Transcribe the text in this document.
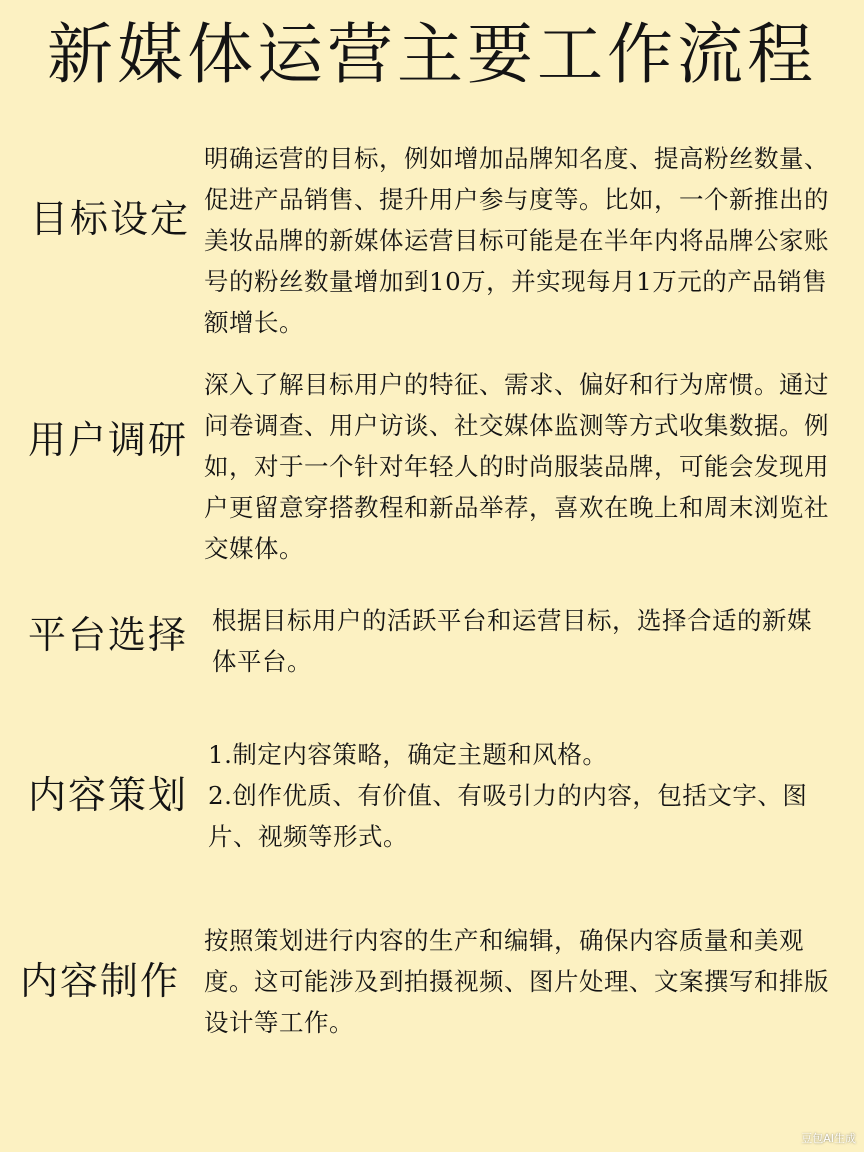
新媒体运营主要工作流程
目标设定

明确运营的目标，例如增加品牌知名度、提高粉丝数量、促进产品销售、提升用户参与度等。比如，一个新推出的美妆品牌的新媒体运营目标可能是在半年内将品牌公家账号的粉丝数量增加到10万，并实现每月1万元的产品销售额增长。

用户调研

深入了解目标用户的特征、需求、偏好和行为席惯。通过问卷调查、用户访谈、社交媒体监测等方式收集数据。例如，对于一个针对年轻人的时尚服装品牌，可能会发现用户更留意穿搭教程和新品举荐，喜欢在晚上和周末浏览社交媒体。

平台选择 根据目标用户的活跃平台和运营目标，选择合适的新媒体平台。

内容策划

1.制定内容策略，确定主题和风格。

2.创作优质、有价值、有吸引力的内容，包括文字、图片、视频等形式。

内容制作

按照策划进行内容的生产和编辑，确保内容质量和美观度。这可能涉及到拍摄视频、图片处理、文案撰写和排版设计等工作。

豆包AI生成
